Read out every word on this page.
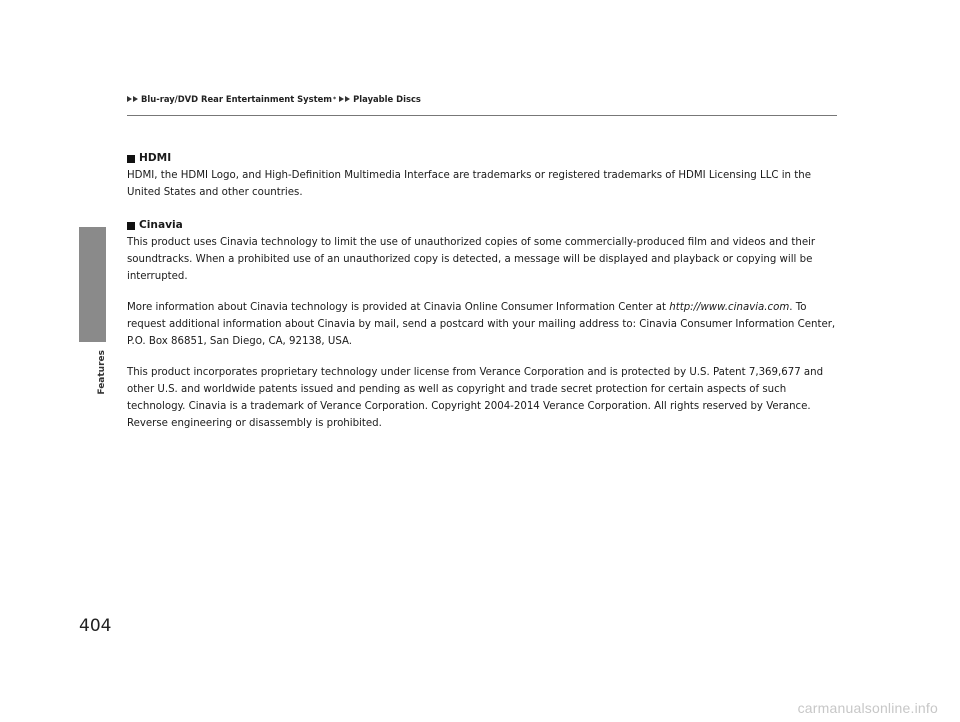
Blu-ray/DVD Rear Entertainment System * Playable Discs
Features
HDMI

HDMI, the HDMI Logo, and High-Definition Multimedia Interface are trademarks or registered trademarks of HDMI Licensing LLC in the United States and other countries.

Cinavia

This product uses Cinavia technology to limit the use of unauthorized copies of some commercially-produced film and videos and their soundtracks. When a prohibited use of an unauthorized copy is detected, a message will be displayed and playback or copying will be interrupted.

More information about Cinavia technology is provided at Cinavia Online Consumer Information Center at http://www.cinavia.com. To request additional information about Cinavia by mail, send a postcard with your mailing address to: Cinavia Consumer Information Center, P.O. Box 86851, San Diego, CA, 92138, USA.

This product incorporates proprietary technology under license from Verance Corporation and is protected by U.S. Patent 7,369,677 and other U.S. and worldwide patents issued and pending as well as copyright and trade secret protection for certain aspects of such technology. Cinavia is a trademark of Verance Corporation. Copyright 2004-2014 Verance Corporation. All rights reserved by Verance. Reverse engineering or disassembly is prohibited.

404
carmanualsonline.info
